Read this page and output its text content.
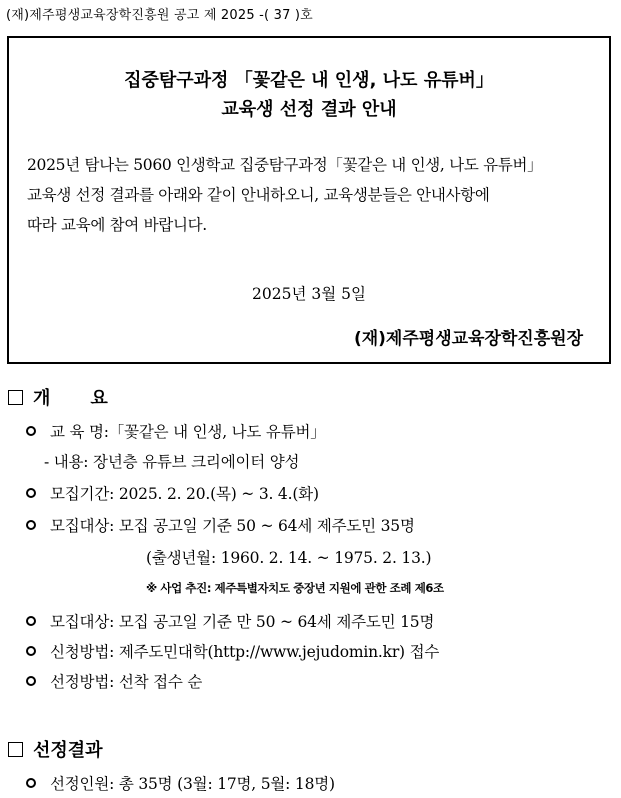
(재)제주평생교육장학진흥원 공고 제 2025 -( 37 )호
집중탐구과정 「꽃같은 내 인생, 나도 유튜버」
교육생 선정 결과 안내
2025년 탐나는 5060 인생학교 집중탐구과정「꽃같은 내 인생, 나도 유튜버」
교육생 선정 결과를 아래와 같이 안내하오니, 교육생분들은 안내사항에
따라 교육에 참여 바랍니다.
2025년 3월 5일
(재)제주평생교육장학진흥원장
개요
교 육 명:「꽃같은 내 인생, 나도 유튜버」
- 내용: 장년층 유튜브 크리에이터 양성
모집기간: 2025. 2. 20.(목) ~ 3. 4.(화)
모집대상: 모집 공고일 기준 50 ~ 64세 제주도민 35명
(출생년월: 1960. 2. 14. ~ 1975. 2. 13.)
※ 사업 추진: 제주특별자치도 중장년 지원에 관한 조례 제6조
모집대상: 모집 공고일 기준 만 50 ~ 64세 제주도민 15명
신청방법: 제주도민대학(http://www.jejudomin.kr) 접수
선정방법: 선착 접수 순
선정결과
선정인원: 총 35명 (3월: 17명, 5월: 18명)
